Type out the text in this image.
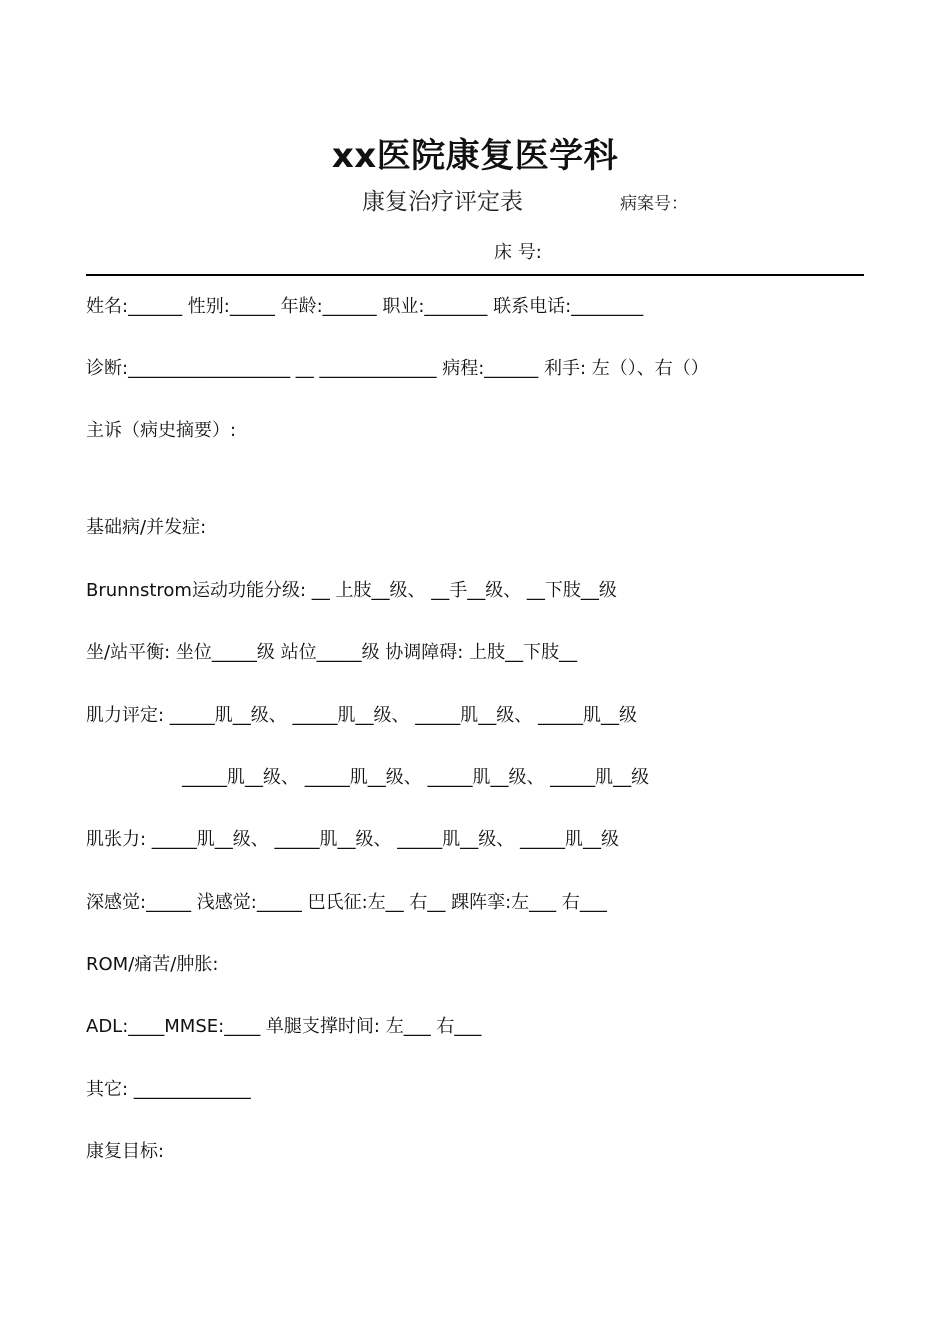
xx医院康复医学科
康复治疗评定表	病案号：
床 号:
姓名:______ 性别:_____ 年龄:______ 职业:_______ 联系电话:________
诊断:__________________ __ _____________ 病程:______ 利手: 左（）、右（）
主诉（病史摘要）:
基础病/并发症:
Brunnstrom运动功能分级: __ 上肢__级、 __手__级、 __下肢__级
坐/站平衡: 坐位_____级 站位_____级 协调障碍: 上肢__下肢__
肌力评定: _____肌__级、 _____肌__级、 _____肌__级、 _____肌__级
_____肌__级、 _____肌__级、 _____肌__级、 _____肌__级
肌张力: _____肌__级、 _____肌__级、 _____肌__级、 _____肌__级
深感觉:_____ 浅感觉:_____ 巴氏征:左__ 右__ 踝阵挛:左___ 右___
ROM/痛苦/肿胀:
ADL:____MMSE:____ 单腿支撑时间: 左___ 右___
其它: _____________
康复目标:
